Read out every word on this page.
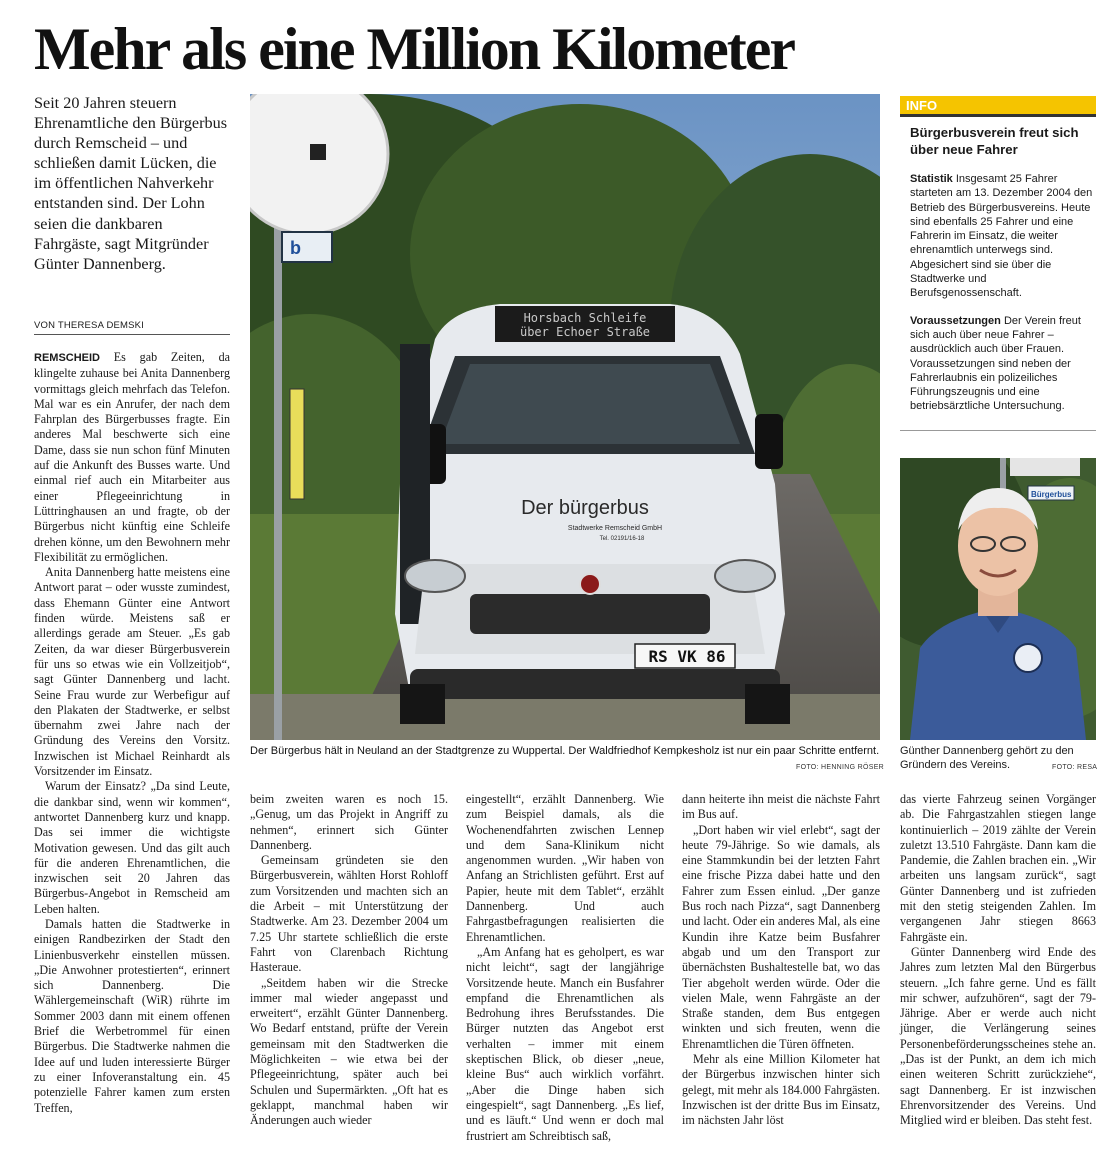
Mehr als eine Million Kilometer

Seit 20 Jahren steuern Ehrenamtliche den Bürgerbus durch Remscheid – und schließen damit Lücken, die im öffentlichen Nahverkehr entstanden sind. Der Lohn seien die dankbaren Fahrgäste, sagt Mitgründer Günter Dannenberg.

VON THERESA DEMSKI

REMSCHEID Es gab Zeiten, da klingelte zuhause bei Anita Dannenberg vormittags gleich mehrfach das Telefon. Mal war es ein Anrufer, der nach dem Fahrplan des Bürgerbusses fragte. Ein anderes Mal beschwerte sich eine Dame, dass sie nun schon fünf Minuten auf die Ankunft des Busses warte. Und einmal rief auch ein Mitarbeiter aus einer Pflegeeinrichtung in Lüttringhausen an und fragte, ob der Bürgerbus nicht künftig eine Schleife drehen könne, um den Bewohnern mehr Flexibilität zu ermöglichen.

Anita Dannenberg hatte meistens eine Antwort parat – oder wusste zumindest, dass Ehemann Günter eine Antwort finden würde. Meistens saß er allerdings gerade am Steuer. „Es gab Zeiten, da war dieser Bürgerbusverein für uns so etwas wie ein Vollzeitjob“, sagt Günter Dannenberg und lacht. Seine Frau wurde zur Werbefigur auf den Plakaten der Stadtwerke, er selbst übernahm zwei Jahre nach der Gründung des Vereins den Vorsitz. Inzwischen ist Michael Reinhardt als Vorsitzender im Einsatz.

Warum der Einsatz? „Da sind Leute, die dankbar sind, wenn wir kommen“, antwortet Dannenberg kurz und knapp. Das sei immer die wichtigste Motivation gewesen. Und das gilt auch für die anderen Ehrenamtlichen, die inzwischen seit 20 Jahren das Bürgerbus-Angebot in Remscheid am Leben halten.

Damals hatten die Stadtwerke in einigen Randbezirken der Stadt den Linienbusverkehr einstellen müssen. „Die Anwohner protestierten“, erinnert sich Dannenberg. Die Wählergemeinschaft (WiR) rührte im Sommer 2003 dann mit einem offenen Brief die Werbetrommel für einen Bürgerbus. Die Stadtwerke nahmen die Idee auf und luden interessierte Bürger zu einer Infoveranstaltung ein. 45 potenzielle Fahrer kamen zum ersten Treffen,

b
Horsbach Schleife
über Echoer Straße
Der bürgerbus
Stadtwerke Remscheid GmbH
Tel. 02191/16-18
RS VK 86
Der Bürgerbus hält in Neuland an der Stadtgrenze zu Wuppertal. Der Waldfriedhof Kempkesholz ist nur ein paar Schritte entfernt.
FOTO: HENNING RÖSER
INFO
Bürgerbusverein freut sich über neue Fahrer

Statistik Insgesamt 25 Fahrer starteten am 13. Dezember 2004 den Betrieb des Bürgerbusvereins. Heute sind ebenfalls 25 Fahrer und eine Fahrerin im Einsatz, die weiter ehrenamtlich unterwegs sind. Abgesichert sind sie über die Stadtwerke und Berufsgenossenschaft.

Voraussetzungen Der Verein freut sich auch über neue Fahrer – ausdrücklich auch über Frauen. Voraussetzungen sind neben der Fahrerlaubnis ein polizeiliches Führungszeugnis und eine betriebsärztliche Untersuchung.

Bürgerbus
Günther Dannenberg gehört zu den Gründern des Vereins.	FOTO: RESA

beim zweiten waren es noch 15. „Genug, um das Projekt in Angriff zu nehmen“, erinnert sich Günter Dannenberg.

Gemeinsam gründeten sie den Bürgerbusverein, wählten Horst Rohloff zum Vorsitzenden und machten sich an die Arbeit – mit Unterstützung der Stadtwerke. Am 23. Dezember 2004 um 7.25 Uhr startete schließlich die erste Fahrt von Clarenbach Richtung Hasteraue.

„Seitdem haben wir die Strecke immer mal wieder angepasst und erweitert“, erzählt Günter Dannenberg. Wo Bedarf entstand, prüfte der Verein gemeinsam mit den Stadtwerken die Möglichkeiten – wie etwa bei der Pflegeeinrichtung, später auch bei Schulen und Supermärkten. „Oft hat es geklappt, manchmal haben wir Änderungen auch wieder

eingestellt“, erzählt Dannenberg. Wie zum Beispiel damals, als die Wochenendfahrten zwischen Lennep und dem Sana-Klinikum nicht angenommen wurden. „Wir haben von Anfang an Strichlisten geführt. Erst auf Papier, heute mit dem Tablet“, erzählt Dannenberg. Und auch Fahrgastbefragungen realisierten die Ehrenamtlichen.

„Am Anfang hat es geholpert, es war nicht leicht“, sagt der langjährige Vorsitzende heute. Manch ein Busfahrer empfand die Ehrenamtlichen als Bedrohung ihres Berufsstandes. Die Bürger nutzten das Angebot erst verhalten – immer mit einem skeptischen Blick, ob dieser „neue, kleine Bus“ auch wirklich vorfährt. „Aber die Dinge haben sich eingespielt“, sagt Dannenberg. „Es lief, und es läuft.“ Und wenn er doch mal frustriert am Schreibtisch saß,

dann heiterte ihn meist die nächste Fahrt im Bus auf.

„Dort haben wir viel erlebt“, sagt der heute 79-Jährige. So wie damals, als eine Stammkundin bei der letzten Fahrt eine frische Pizza dabei hatte und den Fahrer zum Essen einlud. „Der ganze Bus roch nach Pizza“, sagt Dannenberg und lacht. Oder ein anderes Mal, als eine Kundin ihre Katze beim Busfahrer abgab und um den Transport zur übernächsten Bushaltestelle bat, wo das Tier abgeholt werden würde. Oder die vielen Male, wenn Fahrgäste an der Straße standen, dem Bus entgegen winkten und sich freuten, wenn die Ehrenamtlichen die Türen öffneten.

Mehr als eine Million Kilometer hat der Bürgerbus inzwischen hinter sich gelegt, mit mehr als 184.000 Fahrgästen. Inzwischen ist der dritte Bus im Einsatz, im nächsten Jahr löst

das vierte Fahrzeug seinen Vorgänger ab. Die Fahrgastzahlen stiegen lange kontinuierlich – 2019 zählte der Verein zuletzt 13.510 Fahrgäste. Dann kam die Pandemie, die Zahlen brachen ein. „Wir arbeiten uns langsam zurück“, sagt Günter Dannenberg und ist zufrieden mit den stetig steigenden Zahlen. Im vergangenen Jahr stiegen 8663 Fahrgäste ein.

Günter Dannenberg wird Ende des Jahres zum letzten Mal den Bürgerbus steuern. „Ich fahre gerne. Und es fällt mir schwer, aufzuhören“, sagt der 79-Jährige. Aber er werde auch nicht jünger, die Verlängerung seines Personenbeförderungsscheines stehe an. „Das ist der Punkt, an dem ich mich einen weiteren Schritt zurückziehe“, sagt Dannenberg. Er ist inzwischen Ehrenvorsitzender des Vereins. Und Mitglied wird er bleiben. Das steht fest.
